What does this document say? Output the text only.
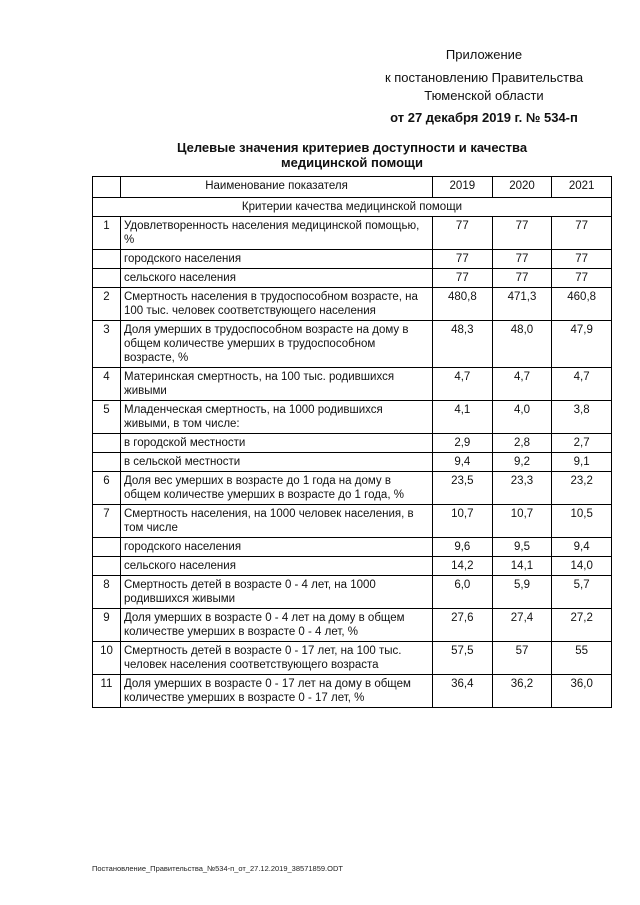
Приложение
к постановлению Правительства
Тюменской области
от 27 декабря 2019 г. № 534-п
Целевые значения критериев доступности и качества
медицинской помощи
	Наименование показателя	2019	2020	2021
Критерии качества медицинской помощи				
1	Удовлетворенность населения медицинской помощью, %	77	77	77
	городского населения	77	77	77
	сельского населения	77	77	77
2	Смертность населения в трудоспособном возрасте, на 100 тыс. человек соответствующего населения	480,8	471,3	460,8
3	Доля умерших в трудоспособном возрасте на дому в общем количестве умерших в трудоспособном возрасте, %	48,3	48,0	47,9
4	Материнская смертность, на 100 тыс. родившихся живыми	4,7	4,7	4,7
5	Младенческая смертность, на 1000 родившихся живыми, в том числе:	4,1	4,0	3,8
	в городской местности	2,9	2,8	2,7
	в сельской местности	9,4	9,2	9,1
6	Доля вес умерших в возрасте до 1 года на дому в общем количестве умерших в возрасте до 1 года, %	23,5	23,3	23,2
7	Смертность населения, на 1000 человек населения, в том числе	10,7	10,7	10,5
	городского населения	9,6	9,5	9,4
	сельского населения	14,2	14,1	14,0
8	Смертность детей в возрасте 0 - 4 лет, на 1000 родившихся живыми	6,0	5,9	5,7
9	Доля умерших в возрасте 0 - 4 лет на дому в общем количестве умерших в возрасте 0 - 4 лет, %	27,6	27,4	27,2
10	Смертность детей в возрасте 0 - 17 лет, на 100 тыс. человек населения соответствующего возраста	57,5	57	55
11	Доля умерших в возрасте 0 - 17 лет на дому в общем количестве умерших в возрасте 0 - 17 лет, %	36,4	36,2	36,0
Постановление_Правительства_№534-п_от_27.12.2019_38571859.ODT
